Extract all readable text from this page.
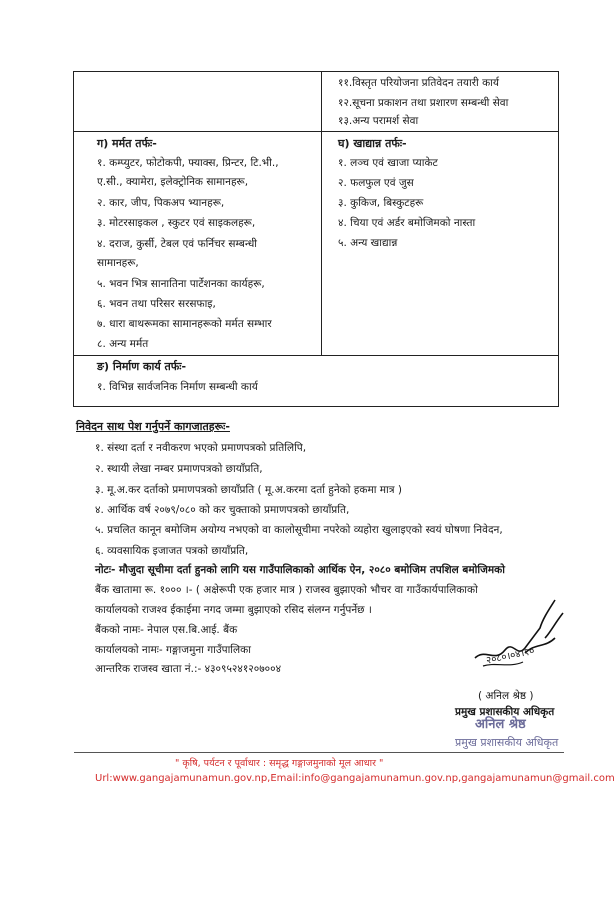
११.विस्तृत परियोजना प्रतिवेदन तयारी कार्य
१२.सूचना प्रकाशन तथा प्रशारण सम्बन्धी सेवा
१३.अन्य परामर्श सेवा
ग) मर्मत तर्फः-
१. कम्प्युटर, फोटोकपी, फ्याक्स, प्रिन्टर, टि.भी.,
ए.सी., क्यामेरा, इलेक्ट्रोनिक सामानहरू,
२. कार, जीप, पिकअप भ्यानहरू,
३. मोटरसाइकल , स्कुटर एवं साइकलहरू,
४. दराज, कुर्सी, टेबल एवं फर्निचर सम्बन्धी
सामानहरू,
५. भवन भित्र सानातिना पार्टेशनका कार्यहरू,
६. भवन तथा परिसर सरसफाइ,
७. धारा बाथरूमका सामानहरूको मर्मत सम्भार
८. अन्य मर्मत
घ) खाद्यान्न तर्फः-
१. लञ्च एवं खाजा प्याकेट
२. फलफुल एवं जुस
३. कुकिज, बिस्कुटहरू
४. चिया एवं अर्डर बमोजिमको नास्ता
५. अन्य खाद्यान्न
ङ) निर्माण कार्य तर्फः-
१. विभिन्न सार्वजनिक निर्माण सम्बन्धी कार्य
निवेदन साथ पेश गर्नुपर्ने कागजातहरूः-
१. संस्था दर्ता र नवीकरण भएको प्रमाणपत्रको प्रतिलिपि,
२. स्थायी लेखा नम्बर प्रमाणपत्रको छायाँप्रति,
३. मू.अ.कर दर्ताको प्रमाणपत्रको छायाँप्रति ( मू.अ.करमा दर्ता हुनेको हकमा मात्र )
४. आर्थिक वर्ष २०७९/०८० को कर चुक्ताको प्रमाणपत्रको छायाँप्रति,
५. प्रचलित कानून बमोजिम अयोग्य नभएको वा कालोसूचीमा नपरेको व्यहोरा खुलाइएको स्वयं घोषणा निवेदन,
६. व्यवसायिक इजाजत पत्रको छायाँप्रति,
नोटः- मौजुदा सूचीमा दर्ता हुनको लागि यस गाउँपालिकाको आर्थिक ऐन, २०८० बमोजिम तपशिल बमोजिमको
बैंक खातामा रू. १००० ।- ( अक्षेरूपी एक हजार मात्र ) राजस्व बुझाएको भौचर वा गाउँकार्यपालिकाको
कार्यालयको राजश्व ईकाईमा नगद जम्मा बुझाएको रसिद संलग्न गर्नुपर्नेछ ।
बैंकको नामः- नेपाल एस.बि.आई. बैंक
कार्यालयको नामः- गङ्गाजमुना गाउँपालिका
आन्तरिक राजस्व खाता नं.:- ४३०९५२४१२०७००४
२०८०।०४।१०
( अनिल श्रेष्ठ )
प्रमुख प्रशासकीय अधिकृत
अनिल श्रेष्ठ
प्रमुख प्रशासकीय अधिकृत
" कृषि, पर्यटन र पूर्वाधार : समृद्ध गङ्गाजमुनाको मूल आधार "
Url:www.gangajamunamun.gov.np,Email:info@gangajamunamun.gov.np,gangajamunamun@gmail.com
